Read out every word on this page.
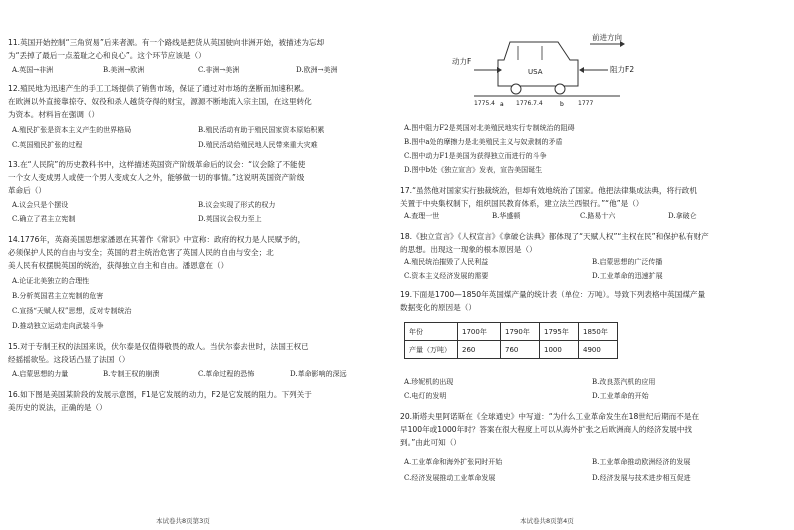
11.英国开始控制“三角贸易”后来者源。有一个路线是把货从英国驶向非洲开始，被描述为忘却
为“丢掉了最后一点羞耻之心和良心”。这个环节应该是（）
A.英国→非洲	B.美洲→欧洲	C.非洲→美洲	D.欧洲→美洲
12.殖民地为迅速产生的手工工场提供了销售市场，保证了通过对市场的垄断而加速积累。
在欧洲以外直接靠掠夺、奴役和杀人越货夺得的财宝，源源不断地流入宗主国，在这里转化
为资本。材料旨在强调（）
A.殖民扩张是资本主义产生的世界格局	B.殖民活动有助于殖民国家资本原始积累
C.英国殖民扩张的过程	D.殖民活动给殖民地人民带来重大灾难
13.在“人民院”的历史教科书中，这样描述英国资产阶级革命后的议会：“议会除了不能使
一个女人变成男人或使一个男人变成女人之外，能够做一切的事情。”这说明英国资产阶级
革命后（）
A.议会只是个摆设	B.议会实现了形式的权力
C.确立了君主立宪制	D.英国议会权力至上
14.1776年，英裔美国思想家潘恩在其著作《常识》中宣称：政府的权力是人民赋予的，
必须保护人民的自由与安全；英国的君主统治危害了英国人民的自由与安全；北
美人民有权摆脱英国的统治，获得独立自主和自由。潘恩意在（）
A.论证北美独立的合理性
B.分析英国君主立宪制的危害
C.宣扬“天赋人权”思想，反对专制统治
D.推动独立运动走向武装斗争
15.对于专制王权的法国来说，伏尔泰是仅值得敬畏的敌人。当伏尔泰去世时，法国王权已
经摇摇欲坠。这段话凸显了法国（）
A.启蒙思想的力量	B.专制王权的崩溃	C.革命过程的恐怖	D.革命影响的深远
16.如下图是美国某阶段的发展示意图，F1是它发展的动力，F2是它发展的阻力。下列关于
美历史的说法，正确的是（）
本试卷共8页第3页
a	b
前进方向
动力F
阻力F2
USA
1775.4	1776.7.4	1777
A.图中阻力F2是英国对北美殖民地实行专制统治的阻碍
B.图中a处的摩擦力是北美殖民主义与奴隶制的矛盾
C.图中动力F1是美国为获得独立而进行的斗争
D.图中b处《独立宣言》发表，宣告美国诞生
17.“虽然他对国家实行独裁统治，但却有效地统治了国家。他把法律集成法典，将行政机
关置于中央集权制下，组织国民教育体系，建立法兰西银行。”“他”是（）
A.查理一世	B.华盛顿	C.路易十六	D.拿破仑
18.《独立宣言》《人权宣言》《拿破仑法典》都体现了“天赋人权”“主权在民”和保护私有财产
的思想。出现这一现象的根本原因是（）
A.殖民统治摧毁了人民利益	B.启蒙思想的广泛传播
C.资本主义经济发展的需要	D.工业革命的迅速扩展
19.下面是1700—1850年英国煤产量的统计表（单位：万吨）。导致下列表格中英国煤产量
数据变化的原因是（）
年份	1700年	1790年	1795年	1850年
产量（万吨）	260	760	1000	4900
A.珍妮机的出现	B.改良蒸汽机的应用
C.电灯的发明	D.工业革命的开始
20.斯塔夫里阿诺斯在《全球通史》中写道：“为什么工业革命发生在18世纪后期而不是在
早100年或1000年时？答案在很大程度上可以从海外扩张之后欧洲商人的经济发展中找
到。”由此可知（）
A.工业革命和海外扩张同时开始	B.工业革命推动欧洲经济的发展
C.经济发展推动工业革命发展	D.经济发展与技术进步相互促进
本试卷共8页第4页
